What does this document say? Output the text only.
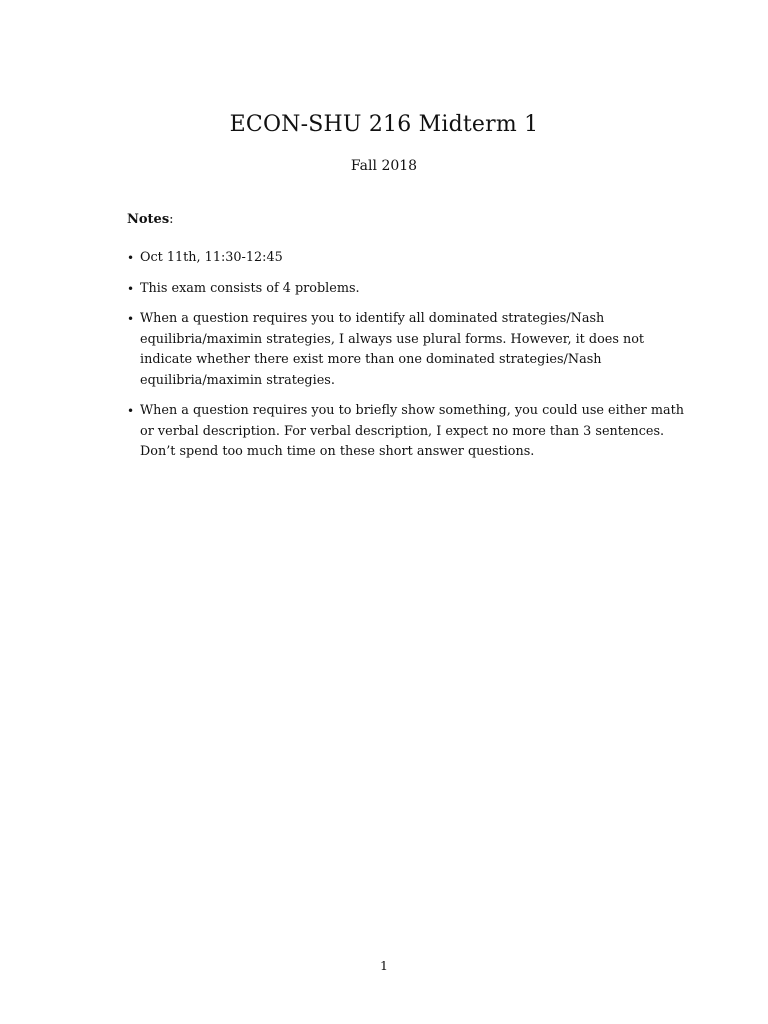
ECON-SHU 216 Midterm 1

Fall 2018

Notes:

• Oct 11th, 11:30-12:45
• This exam consists of 4 problems.
• When a question requires you to identify all dominated strategies/Nash equilibria/maximin strategies, I always use plural forms. However, it does not indicate whether there exist more than one dominated strategies/Nash equilibria/maximin strategies.
• When a question requires you to briefly show something, you could use either math or verbal description. For verbal description, I expect no more than 3 sentences. Don’t spend too much time on these short answer questions.

1
